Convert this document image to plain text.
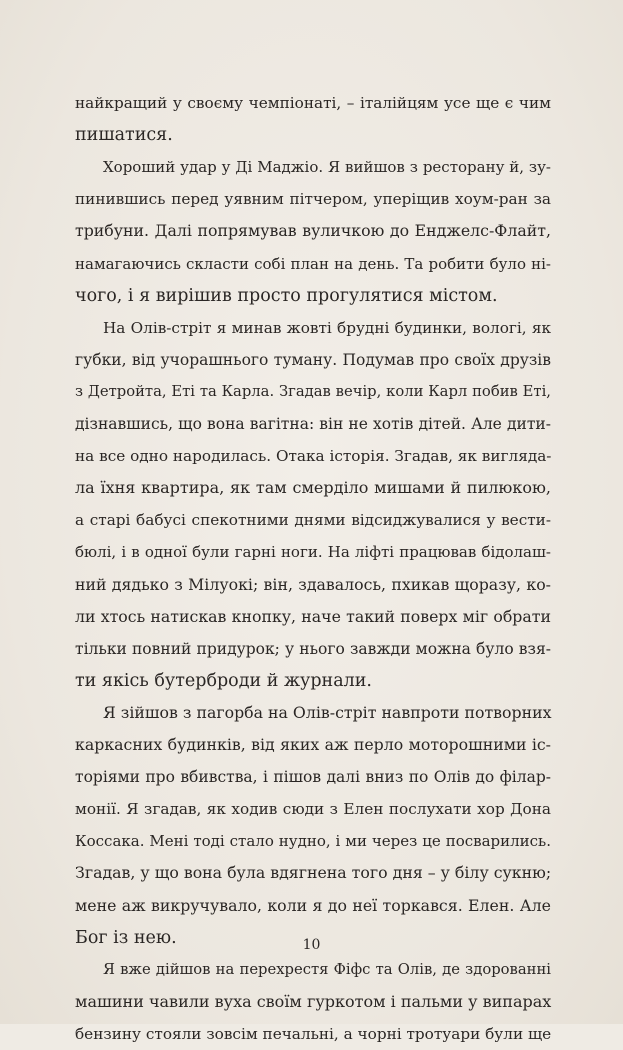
найкращий у своєму чемпіонаті, – італійцям усе ще є чим
пишатися.
Хороший удар у Ді Маджіо. Я вийшов з ресторану й, зу-
пинившись перед уявним пітчером, уперіщив хоум-ран за
трибуни. Далі попрямував вуличкою до Енджелс-Флайт,
намагаючись скласти собі план на день. Та робити було ні-
чого, і я вирішив просто прогулятися містом.
На Олів-стріт я минав жовті брудні будинки, вологі, як
губки, від учорашнього туману. Подумав про своїх друзів
з Детройта, Еті та Карла. Згадав вечір, коли Карл побив Еті,
дізнавшись, що вона вагітна: він не хотів дітей. Але дити-
на все одно народилась. Отака історія. Згадав, як вигляда-
ла їхня квартира, як там смерділо мишами й пилюкою,
а старі бабусі спекотними днями відсиджувалися у вести-
бюлі, і в одної були гарні ноги. На ліфті працював бідолаш-
ний дядько з Мілуокі; він, здавалось, пхикав щоразу, ко-
ли хтось натискав кнопку, наче такий поверх міг обрати
тільки повний придурок; у нього завжди можна було взя-
ти якісь бутерброди й журнали.
Я зійшов з пагорба на Олів-стріт навпроти потворних
каркасних будинків, від яких аж перло моторошними іс-
торіями про вбивства, і пішов далі вниз по Олів до філар-
монії. Я згадав, як ходив сюди з Елен послухати хор Дона
Коссака. Мені тоді стало нудно, і ми через це посварились.
Згадав, у що вона була вдягнена того дня – у білу сукню;
мене аж викручувало, коли я до неї торкався. Елен. Але
Бог із нею.
Я вже дійшов на перехрестя Фіфс та Олів, де здорованні
машини чавили вуха своїм гуркотом і пальми у випарах
бензину стояли зовсім печальні, а чорні тротуари були ще
10
